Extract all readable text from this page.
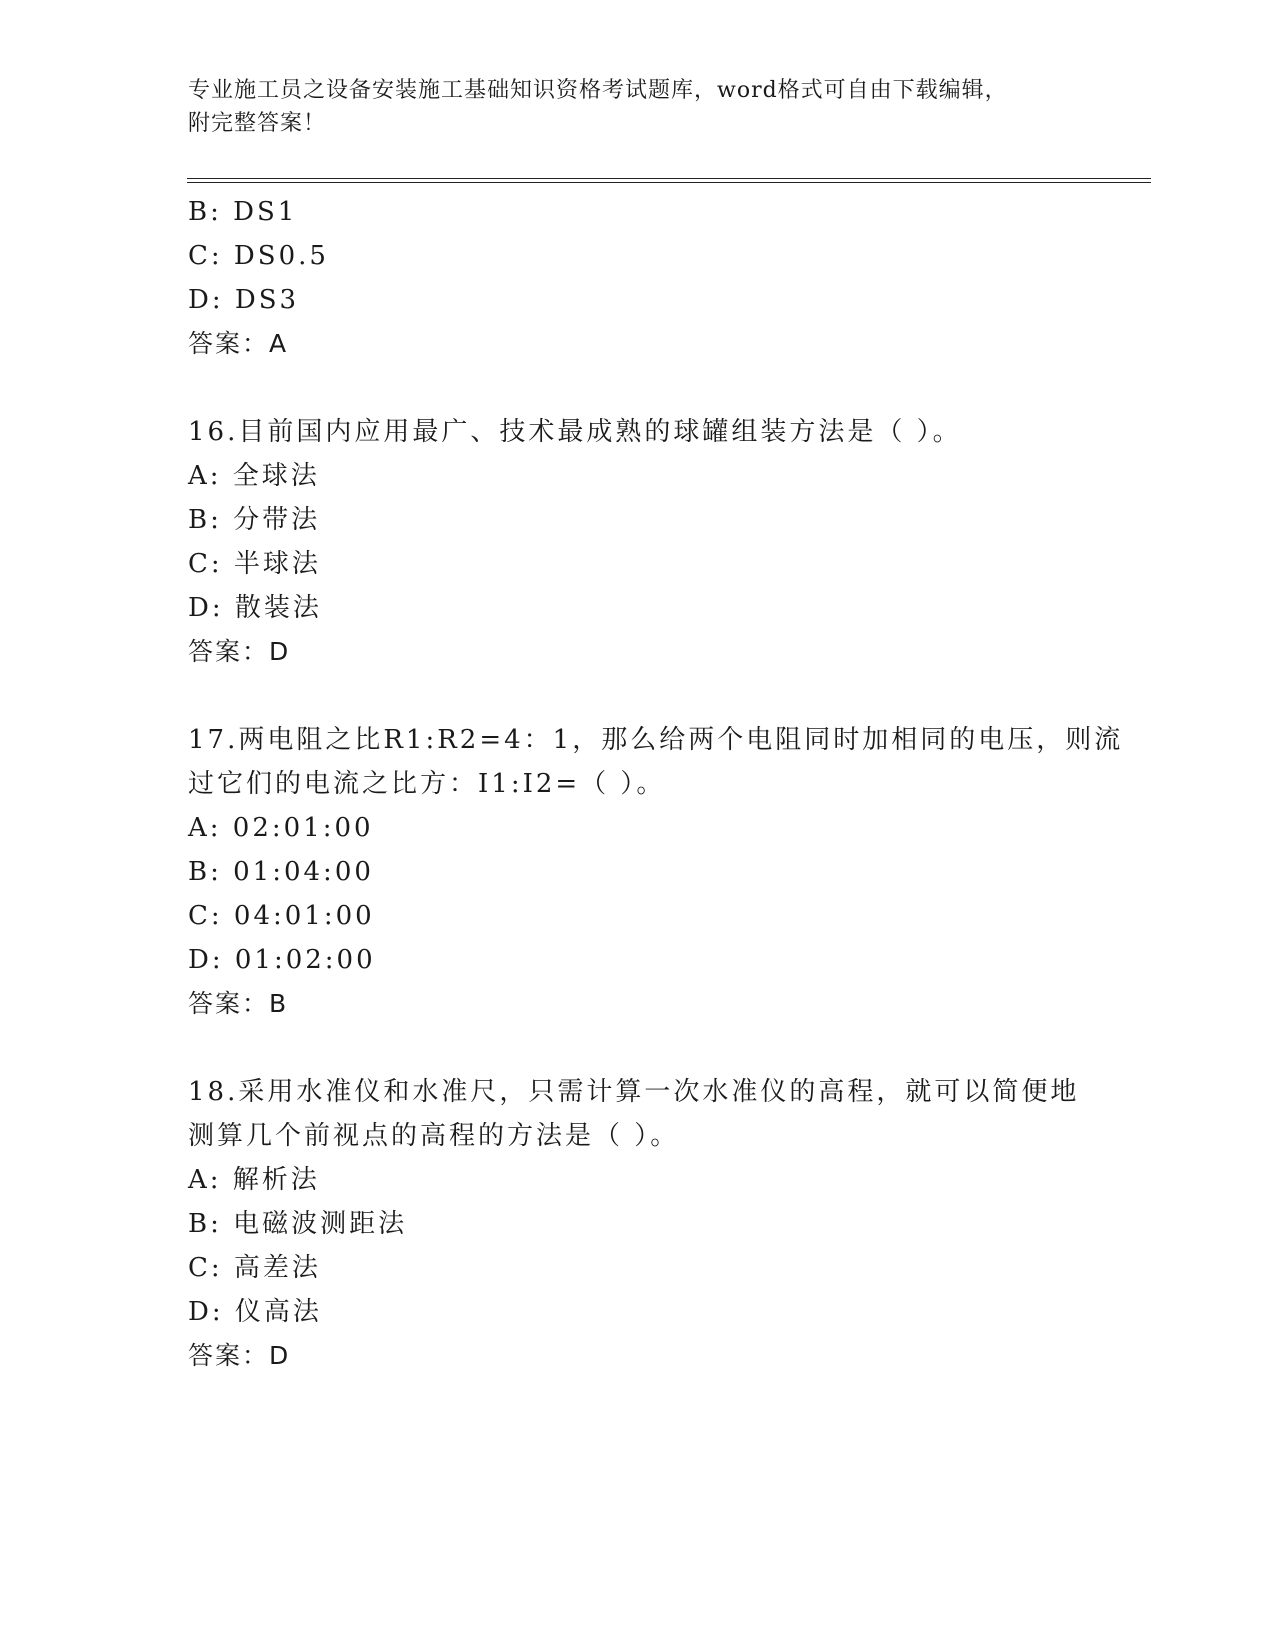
专业施工员之设备安装施工基础知识资格考试题库，word格式可自由下载编辑，
附完整答案！
B: DS1
C: DS0.5
D: DS3
答案：A
16.目前国内应用最广、技术最成熟的球罐组装方法是（ ）。
A: 全球法
B: 分带法
C: 半球法
D: 散装法
答案：D
17.两电阻之比R1:R2=4：1，那么给两个电阻同时加相同的电压，则流
过它们的电流之比方：I1:I2=（ ）。
A: 02:01:00
B: 01:04:00
C: 04:01:00
D: 01:02:00
答案：B
18.采用水准仪和水准尺，只需计算一次水准仪的高程，就可以简便地
测算几个前视点的高程的方法是（ ）。
A: 解析法
B: 电磁波测距法
C: 高差法
D: 仪高法
答案：D
